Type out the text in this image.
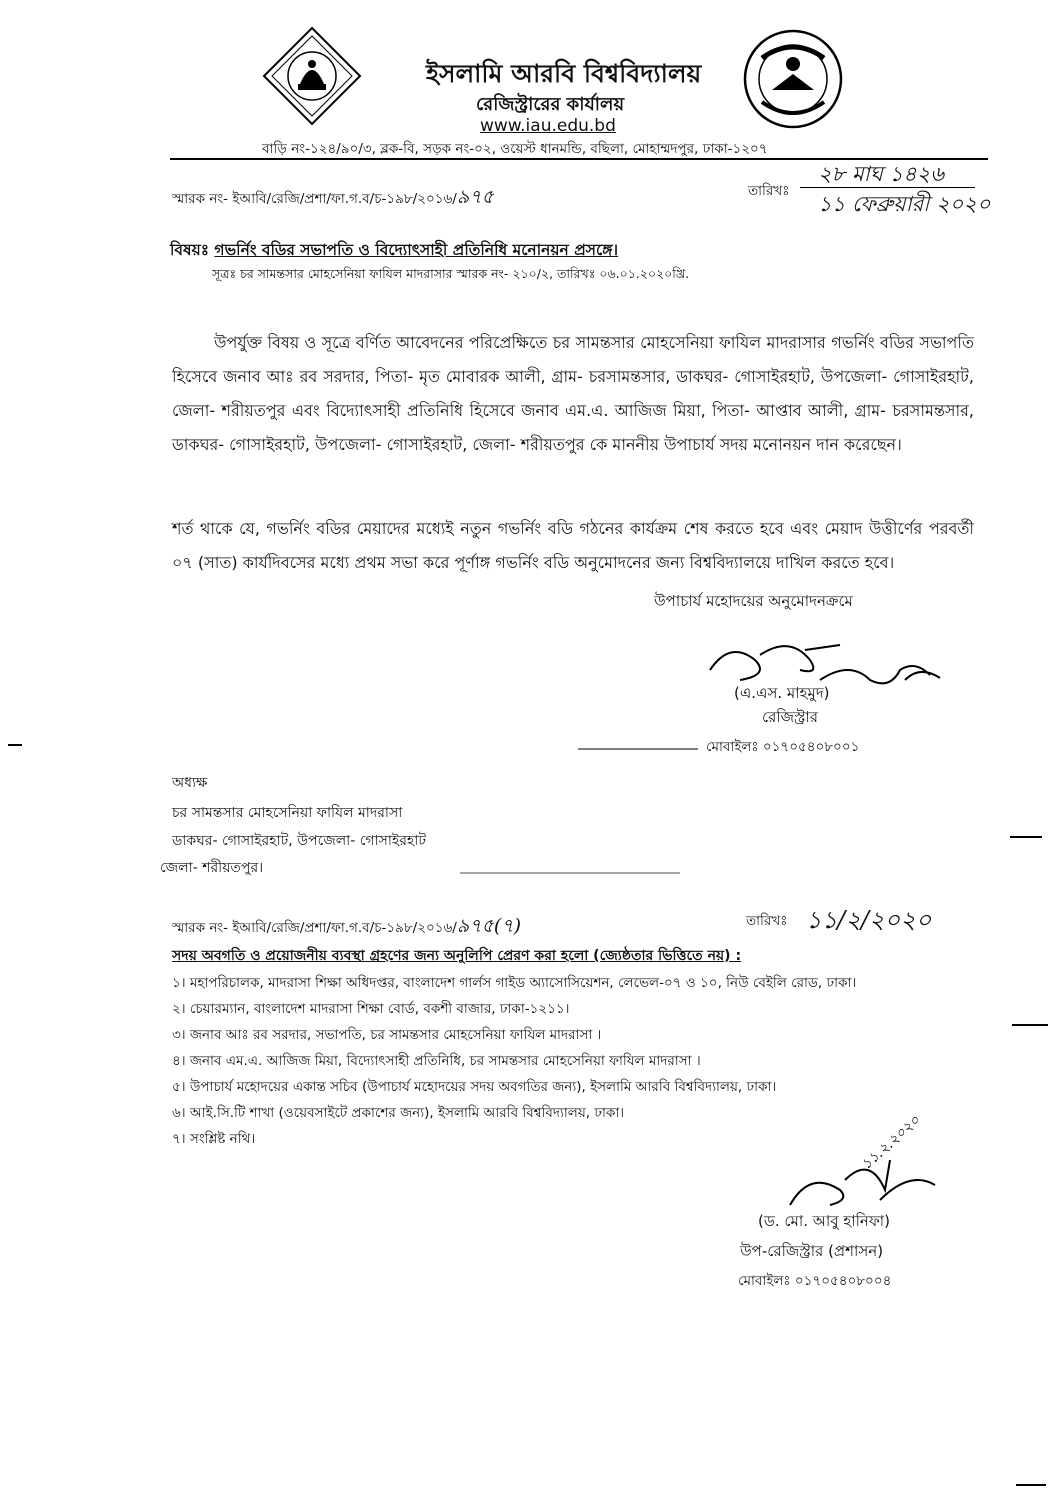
ইসলামি আরবি বিশ্ববিদ্যালয়
রেজিস্ট্রারের কার্যালয়
www.iau.edu.bd
বাড়ি নং-১২৪/৯০/৩, ব্লক-বি, সড়ক নং-০২, ওয়েস্ট ধানমন্ডি, বছিলা, মোহাম্মদপুর, ঢাকা-১২০৭
স্মারক নং- ইআবি/রেজি/প্রশা/ফা.গ.ব/চ-১৯৮/২০১৬/৯৭৫	তারিখঃ
২৮ মাঘ ১৪২৬
১১ ফেব্রুয়ারী ২০২০
বিষয়ঃ গভর্নিং বডির সভাপতি ও বিদ্যোৎসাহী প্রতিনিধি মনোনয়ন প্রসঙ্গে।
সূত্রঃ চর সামন্তসার মোহসেনিয়া ফাযিল মাদরাসার স্মারক নং- ২১০/২, তারিখঃ ০৬.০১.২০২০খ্রি.
উপর্যুক্ত বিষয় ও সূত্রে বর্ণিত আবেদনের পরিপ্রেক্ষিতে চর সামন্তসার মোহসেনিয়া ফাযিল মাদরাসার গভর্নিং বডির সভাপতি হিসেবে জনাব আঃ রব সরদার, পিতা- মৃত মোবারক আলী, গ্রাম- চরসামন্তসার, ডাকঘর- গোসাইরহাট, উপজেলা- গোসাইরহাট, জেলা- শরীয়তপুর এবং বিদ্যোৎসাহী প্রতিনিধি হিসেবে জনাব এম.এ. আজিজ মিয়া, পিতা- আপ্তাব আলী, গ্রাম- চরসামন্তসার, ডাকঘর- গোসাইরহাট, উপজেলা- গোসাইরহাট, জেলা- শরীয়তপুর কে মাননীয় উপাচার্য সদয় মনোনয়ন দান করেছেন।
শর্ত থাকে যে, গভর্নিং বডির মেয়াদের মধ্যেই নতুন গভর্নিং বডি গঠনের কার্যক্রম শেষ করতে হবে এবং মেয়াদ উত্তীর্ণের পরবর্তী ০৭ (সাত) কার্যদিবসের মধ্যে প্রথম সভা করে পূর্ণাঙ্গ গভর্নিং বডি অনুমোদনের জন্য বিশ্ববিদ্যালয়ে দাখিল করতে হবে।
উপাচার্য মহোদয়ের অনুমোদনক্রমে
(এ.এস. মাহমুদ)
রেজিস্ট্রার
মোবাইলঃ ০১৭০৫৪০৮০০১
অধ্যক্ষ
চর সামন্তসার মোহসেনিয়া ফাযিল মাদরাসা
ডাকঘর- গোসাইরহাট, উপজেলা- গোসাইরহাট
জেলা- শরীয়তপুর।
স্মারক নং- ইআবি/রেজি/প্রশা/ফা.গ.ব/চ-১৯৮/২০১৬/৯৭৫(৭)	তারিখঃ ১১/২/২০২০
সদয় অবগতি ও প্রয়োজনীয় ব্যবস্থা গ্রহণের জন্য অনুলিপি প্রেরণ করা হলো (জ্যেষ্ঠতার ভিত্তিতে নয়) :
১। মহাপরিচালক, মাদরাসা শিক্ষা অধিদপ্তর, বাংলাদেশ গার্লস গাইড অ্যাসোসিয়েশন, লেভেল-০৭ ও ১০, নিউ বেইলি রোড, ঢাকা।
২। চেয়ারম্যান, বাংলাদেশ মাদরাসা শিক্ষা বোর্ড, বকশী বাজার, ঢাকা-১২১১।
৩। জনাব আঃ রব সরদার, সভাপতি, চর সামন্তসার মোহসেনিয়া ফাযিল মাদরাসা ।
৪। জনাব এম.এ. আজিজ মিয়া, বিদ্যোৎসাহী প্রতিনিধি, চর সামন্তসার মোহসেনিয়া ফাযিল মাদরাসা ।
৫। উপাচার্য মহোদয়ের একান্ত সচিব (উপাচার্য মহোদয়ের সদয় অবগতির জন্য), ইসলামি আরবি বিশ্ববিদ্যালয়, ঢাকা।
৬। আই.সি.টি শাখা (ওয়েবসাইটে প্রকাশের জন্য), ইসলামি আরবি বিশ্ববিদ্যালয়, ঢাকা।
৭। সংশ্লিষ্ট নথি।	১১.২.২০২০
(ড. মো. আবু হানিফা)
উপ-রেজিস্ট্রার (প্রশাসন)
মোবাইলঃ ০১৭০৫৪০৮০০৪
